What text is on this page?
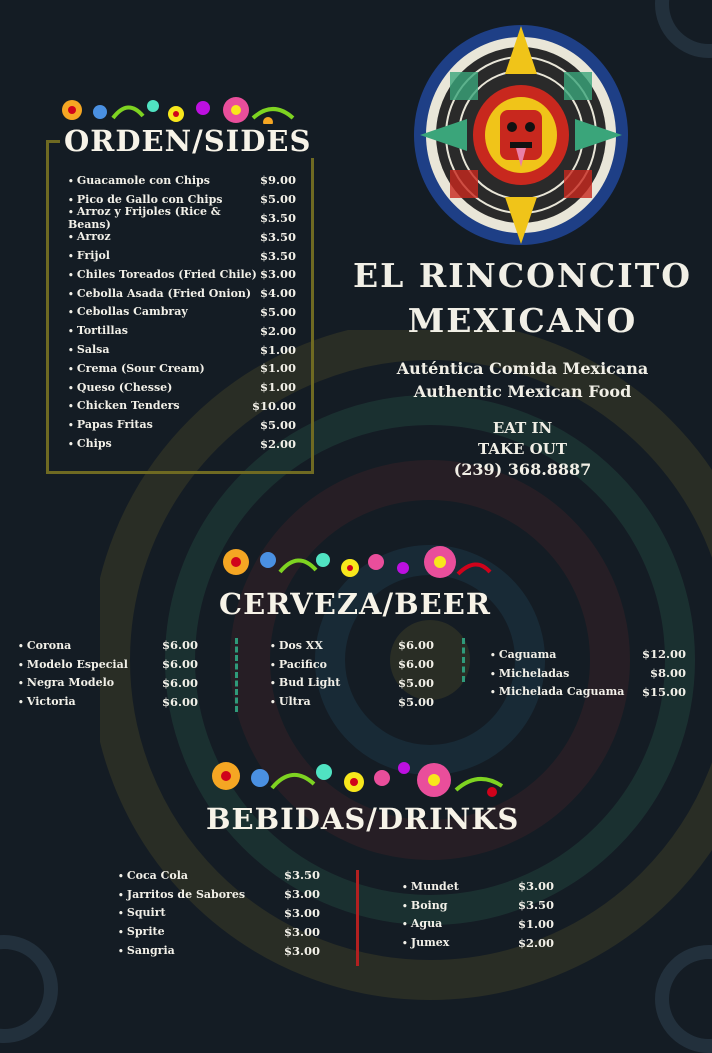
ORDEN/SIDES
• Guacamole con Chips	$9.00
• Pico de Gallo con Chips	$5.00
• Arroz y Frijoles (Rice & Beans)	$3.50
• Arroz	$3.50
• Frijol	$3.50
• Chiles Toreados (Fried Chile) $3.00
• Cebolla Asada (Fried Onion) $4.00
• Cebollas Cambray	$5.00
• Tortillas	$2.00
• Salsa	$1.00
• Crema (Sour Cream)	$1.00
• Queso (Chesse)	$1.00
• Chicken Tenders	$10.00
• Papas Fritas	$5.00
• Chips	$2.00
EL RINCONCITO
MEXICANO
Auténtica Comida Mexicana
Authentic Mexican Food
EAT IN
TAKE OUT
(239) 368.8887
CERVEZA/BEER
• Corona	$6.00
• Modelo Especial	$6.00
• Negra Modelo	$6.00
• Victoria	$6.00
• Dos XX	$6.00
• Pacifico	$6.00
• Bud Light	$5.00
• Ultra	$5.00
• Caguama	$12.00
• Micheladas	$8.00
• Michelada Caguama $15.00
BEBIDAS/DRINKS
• Coca Cola	$3.50
• Jarritos de Sabores	$3.00
• Squirt	$3.00
• Sprite	$3.00
• Sangria	$3.00
• Mundet	$3.00
• Boing	$3.50
• Agua	$1.00
• Jumex	$2.00
